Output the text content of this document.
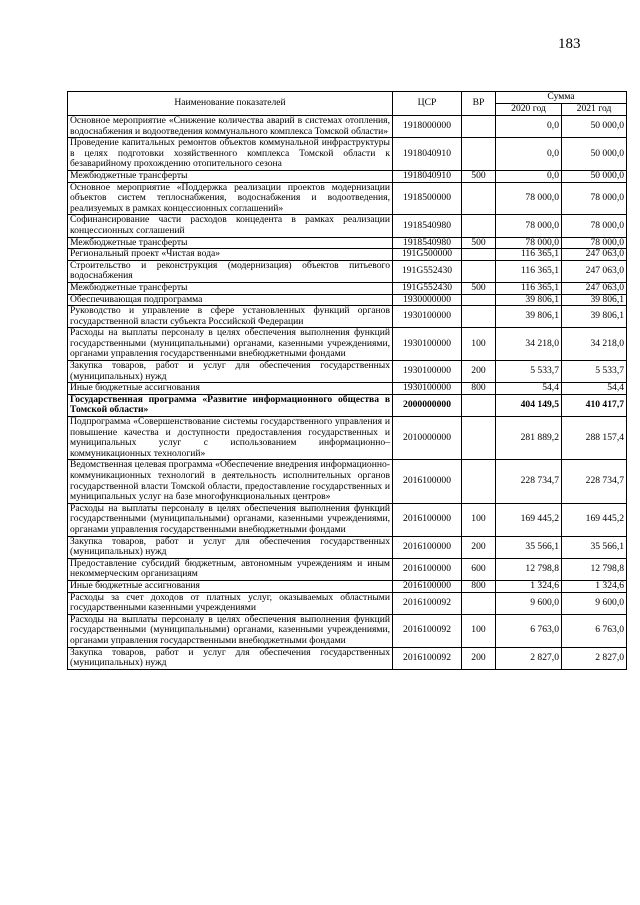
183
Наименование показателей	ЦСР	ВР	Сумма	
			2020 год	2021 год
Основное мероприятие «Снижение количества аварий в системах отопления, водоснабжения и водоотведения коммунального комплекса Томской области»	1918000000		0,0	50 000,0
Проведение капитальных ремонтов объектов коммунальной инфраструктуры в целях подготовки хозяйственного комплекса Томской области к безаварийному прохождению отопительного сезона	1918040910		0,0	50 000,0
Межбюджетные трансферты	1918040910	500	0,0	50 000,0
Основное мероприятие «Поддержка реализации проектов модернизации объектов систем теплоснабжения, водоснабжения и водоотведения, реализуемых в рамках концессионных соглашений»	1918500000		78 000,0	78 000,0
Софинансирование части расходов концедента в рамках реализации концессионных соглашений	1918540980		78 000,0	78 000,0
Межбюджетные трансферты	1918540980	500	78 000,0	78 000,0
Региональный проект «Чистая вода»	191G500000		116 365,1	247 063,0
Строительство и реконструкция (модернизация) объектов питьевого водоснабжения	191G552430		116 365,1	247 063,0
Межбюджетные трансферты	191G552430	500	116 365,1	247 063,0
Обеспечивающая подпрограмма	1930000000		39 806,1	39 806,1
Руководство и управление в сфере установленных функций органов государственной власти субъекта Российской Федерации	1930100000		39 806,1	39 806,1
Расходы на выплаты персоналу в целях обеспечения выполнения функций государственными (муниципальными) органами, казенными учреждениями, органами управления государственными внебюджетными фондами	1930100000	100	34 218,0	34 218,0
Закупка товаров, работ и услуг для обеспечения государственных (муниципальных) нужд	1930100000	200	5 533,7	5 533,7
Иные бюджетные ассигнования	1930100000	800	54,4	54,4
Государственная программа «Развитие информационного общества в Томской области»	2000000000		404 149,5	410 417,7
Подпрограмма «Совершенствование системы государственного управления и повышение качества и доступности предоставления государственных и муниципальных услуг с использованием информационно–коммуникационных технологий»	2010000000		281 889,2	288 157,4
Ведомственная целевая программа «Обеспечение внедрения информационно-коммуникационных технологий в деятельность исполнительных органов государственной власти Томской области, предоставление государственных и муниципальных услуг на базе многофункциональных центров»	2016100000		228 734,7	228 734,7
Расходы на выплаты персоналу в целях обеспечения выполнения функций государственными (муниципальными) органами, казенными учреждениями, органами управления государственными внебюджетными фондами	2016100000	100	169 445,2	169 445,2
Закупка товаров, работ и услуг для обеспечения государственных (муниципальных) нужд	2016100000	200	35 566,1	35 566,1
Предоставление субсидий бюджетным, автономным учреждениям и иным некоммерческим организациям	2016100000	600	12 798,8	12 798,8
Иные бюджетные ассигнования	2016100000	800	1 324,6	1 324,6
Расходы за счет доходов от платных услуг, оказываемых областными государственными казенными учреждениями	2016100092		9 600,0	9 600,0
Расходы на выплаты персоналу в целях обеспечения выполнения функций государственными (муниципальными) органами, казенными учреждениями, органами управления государственными внебюджетными фондами	2016100092	100	6 763,0	6 763,0
Закупка товаров, работ и услуг для обеспечения государственных (муниципальных) нужд	2016100092	200	2 827,0	2 827,0
